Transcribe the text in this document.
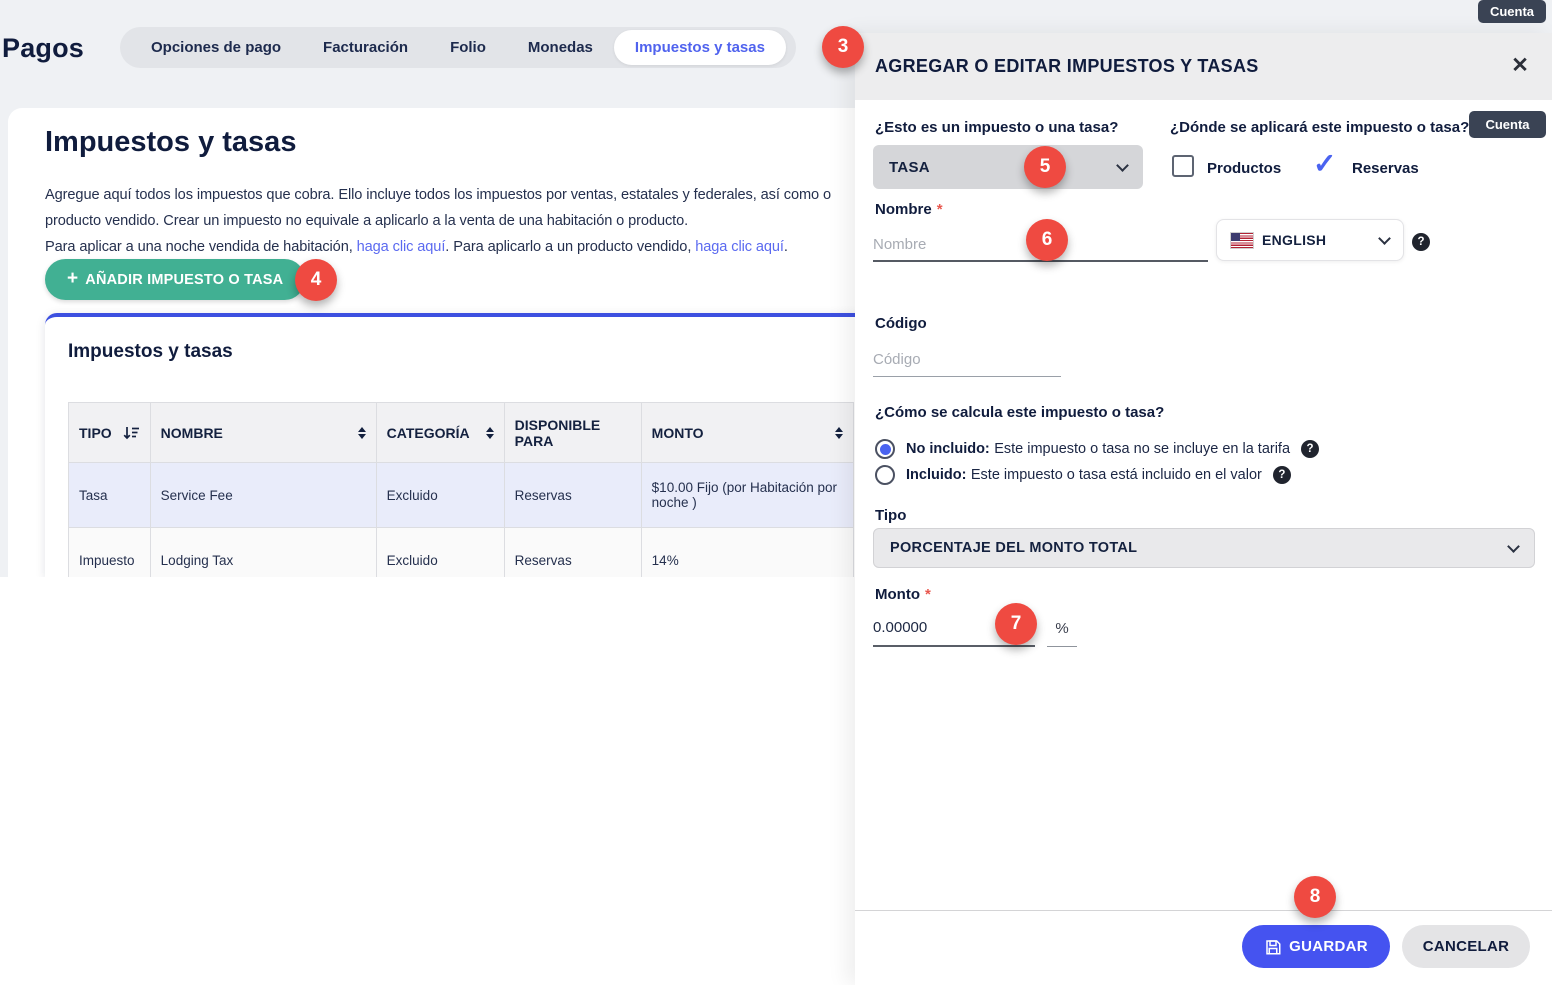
Pagos	Opciones de pago	Facturación	Folio	Monedas	Impuestos y tasas
Impuestos y tasas
Agregue aquí todos los impuestos que cobra. Ello incluye todos los impuestos por ventas, estatales y federales, así como o
producto vendido. Crear un impuesto no equivale a aplicarlo a la venta de una habitación o producto.
Para aplicar a una noche vendida de habitación, haga clic aquí. Para aplicarlo a un producto vendido, haga clic aquí.
+ AÑADIR IMPUESTO O TASA
Impuestos y tasas
TIPO	NOMBRE	CATEGORÍA	DISPONIBLE PARA	MONTO

Tasa	Service Fee	Excluido	Reservas	$10.00 Fijo (por Habitación por noche )
Impuesto	Lodging Tax	Excluido	Reservas	14%
AGREGAR O EDITAR IMPUESTOS Y TASAS	✕
¿Esto es un impuesto o una tasa?
TASA
¿Dónde se aplicará este impuesto o tasa?
Productos ✓ Reservas
Nombre *
Nombre
ENGLISH	?
Código
Código
¿Cómo se calcula este impuesto o tasa?
No incluido: Este impuesto o tasa no se incluye en la tarifa	?
Incluido: Este impuesto o tasa está incluido en el valor	?
Tipo
PORCENTAJE DEL MONTO TOTAL
Monto *
0.00000
%
GUARDAR	CANCELAR
3
4
5
6
7
8
Cuenta
Cuenta
